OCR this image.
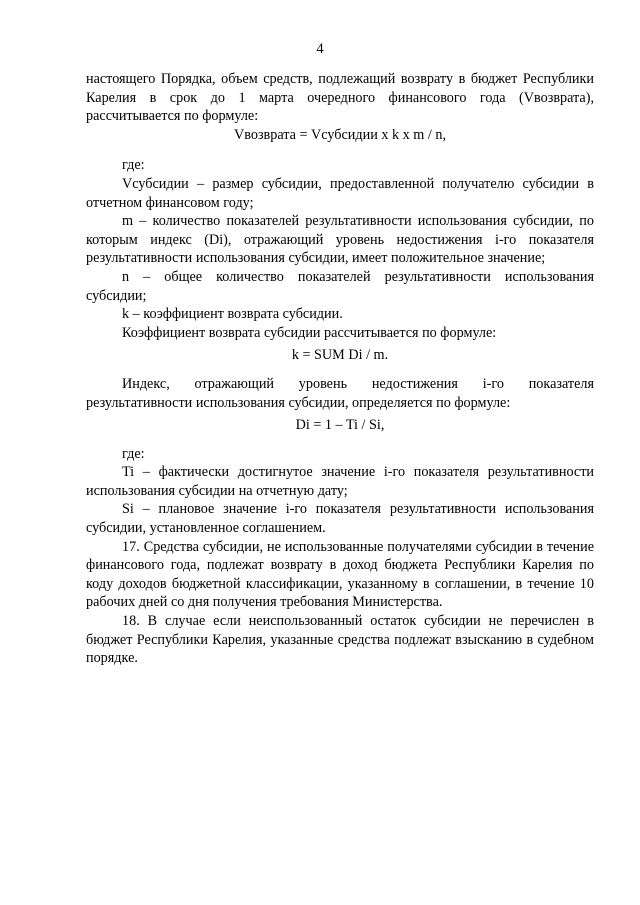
4

настоящего Порядка, объем средств, подлежащий возврату в бюджет Республики Карелия в срок до 1 марта очередного финансового года (Vвозврата), рассчитывается по формуле:

Vвозврата = Vсубсидии x k x m / n,

где:

Vсубсидии – размер субсидии, предоставленной получателю субсидии в отчетном финансовом году;

m – количество показателей результативности использования субсидии, по которым индекс (Di), отражающий уровень недостижения i-го показателя результативности использования субсидии, имеет положительное значение;

n – общее количество показателей результативности использования субсидии;

k – коэффициент возврата субсидии.

Коэффициент возврата субсидии рассчитывается по формуле:

k = SUM Di / m.

Индекс, отражающий уровень недостижения i-го показателя результативности использования субсидии, определяется по формуле:

Di = 1 – Ti / Si,

где:

Ti – фактически достигнутое значение i-го показателя результативности использования субсидии на отчетную дату;

Si – плановое значение i-го показателя результативности использования субсидии, установленное соглашением.

17. Средства субсидии, не использованные получателями субсидии в течение финансового года, подлежат возврату в доход бюджета Республики Карелия по коду доходов бюджетной классификации, указанному в соглашении, в течение 10 рабочих дней со дня получения требования Министерства.

18. В случае если неиспользованный остаток субсидии не перечислен в бюджет Республики Карелия, указанные средства подлежат взысканию в судебном порядке.
